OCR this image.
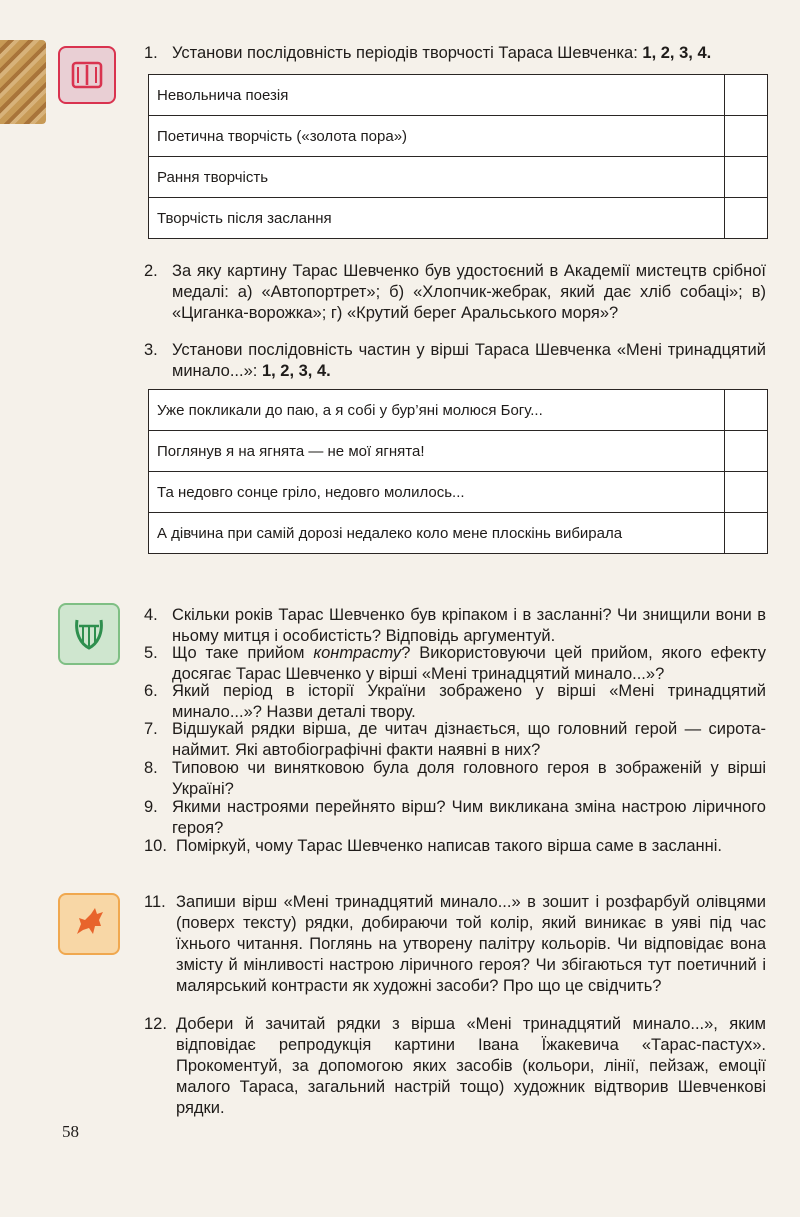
1. Установи послідовність періодів творчості Тараса Шевченка: 1, 2, 3, 4.
Невольнича поезія	
Поетична творчість («золота пора»)	
Рання творчість	
Творчість після заслання	
2. За яку картину Тарас Шевченко був удостоєний в Академії мистецтв срібної медалі: а) «Автопортрет»; б) «Хлопчик-жебрак, який дає хліб собаці»; в) «Циганка-ворожка»; г) «Крутий берег Аральського моря»?
3. Установи послідовність частин у вірші Тараса Шевченка «Мені тринадцятий минало...»: 1, 2, 3, 4.
Уже покликали до паю, а я собі у бур’яні молюся Богу...	
Поглянув я на ягнята — не мої ягнята!	
Та недовго сонце гріло, недовго молилось...	
А дівчина при самій дорозі недалеко коло мене плоскінь вибирала	
4. Скільки років Тарас Шевченко був кріпаком і в засланні? Чи знищили вони в ньому митця і особистість? Відповідь аргументуй.
5. Що таке прийом контрасту? Використовуючи цей прийом, якого ефекту досягає Тарас Шевченко у вірші «Мені тринадцятий минало...»?
6. Який період в історії України зображено у вірші «Мені тринадцятий минало...»? Назви деталі твору.
7. Відшукай рядки вірша, де читач дізнається, що головний герой — сирота-наймит. Які автобіографічні факти наявні в них?
8. Типовою чи винятковою була доля головного героя в зображеній у вірші Україні?
9. Якими настроями перейнято вірш? Чим викликана зміна настрою ліричного героя?
10. Поміркуй, чому Тарас Шевченко написав такого вірша саме в засланні.
11. Запиши вірш «Мені тринадцятий минало...» в зошит і розфарбуй олівцями (поверх тексту) рядки, добираючи той колір, який виникає в уяві під час їхнього читання. Поглянь на утворену палітру кольорів. Чи відповідає вона змісту й мінливості настрою ліричного героя? Чи збігаються тут поетичний і малярський контрасти як художні засоби? Про що це свідчить?
12. Добери й зачитай рядки з вірша «Мені тринадцятий минало...», яким відповідає репродукція картини Івана Їжакевича «Тарас-пастух». Прокоментуй, за допомогою яких засобів (кольори, лінії, пейзаж, емоції малого Тараса, загальний настрій тощо) художник відтворив Шевченкові рядки.
58
